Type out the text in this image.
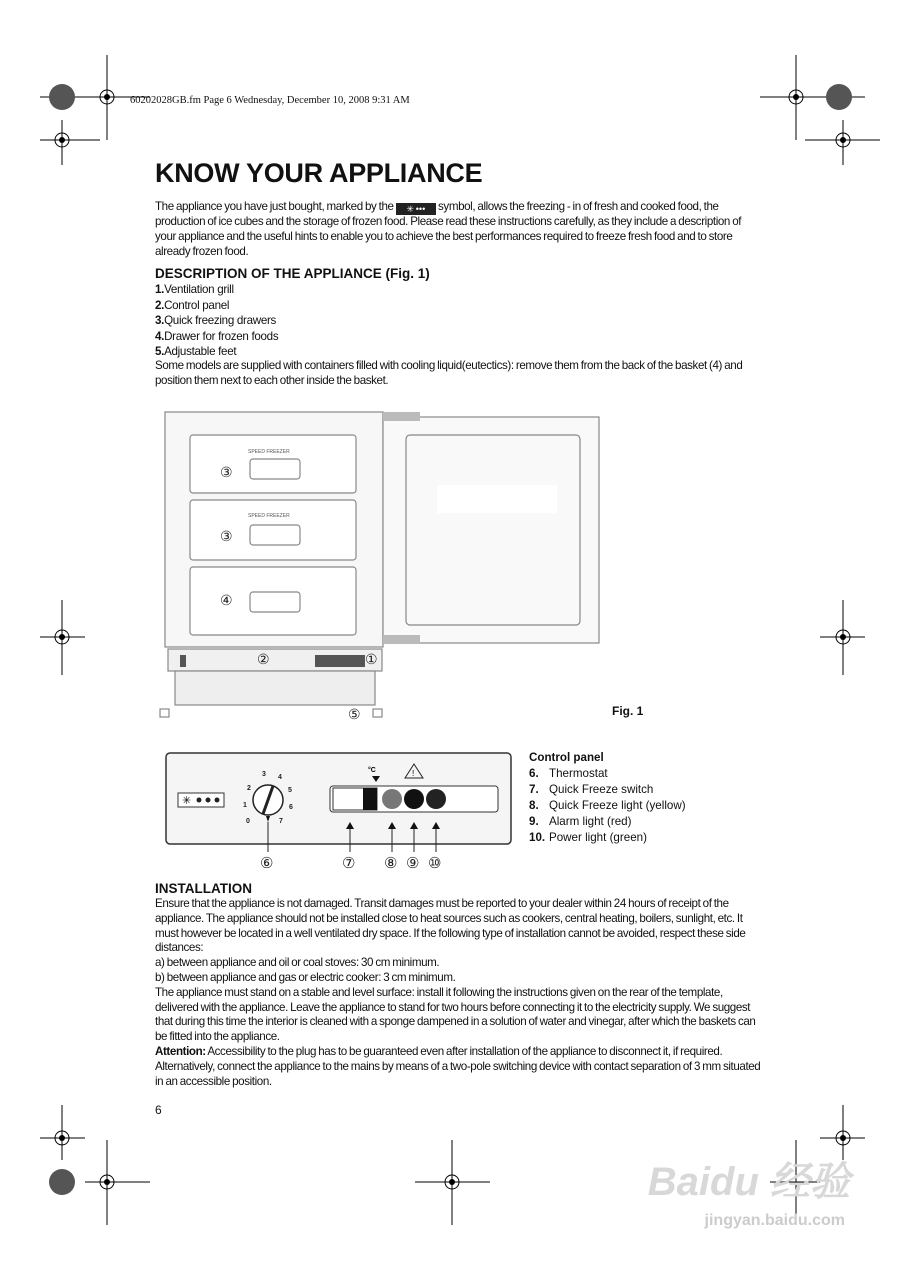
60202028GB.fm Page 6 Wednesday, December 10, 2008 9:31 AM
KNOW YOUR APPLIANCE
The appliance you have just bought, marked by the ✳ ••• symbol, allows the freezing - in of fresh and cooked food, the production of ice cubes and the storage of frozen food. Please read these instructions carefully, as they include a description of your appliance and the useful hints to enable you to achieve the best performances required to freeze fresh food and to store already frozen food.
DESCRIPTION OF THE APPLIANCE (Fig. 1)
1.Ventilation grill
2.Control panel
3.Quick freezing drawers
4.Drawer for frozen foods
5.Adjustable feet
Some models are supplied with containers filled with cooling liquid(eutectics): remove them from the back of the basket (4) and position them next to each other inside the basket.
SPEED FREEZER
SPEED FREEZER
③
③
④
②	①
⑤	Fig. 1
✳
0
1
2
3 4
5
6
7
°C	!
⑥	⑦ ⑧ ⑨ ⑩
Control panel
6. Thermostat
7. Quick Freeze switch
8. Quick Freeze light (yellow)
9. Alarm light (red)
10. Power light (green)
INSTALLATION
Ensure that the appliance is not damaged. Transit damages must be reported to your dealer within 24 hours of receipt of the appliance. The appliance should not be installed close to heat sources such as cookers, central heating, boilers, sunlight, etc. It must however be located in a well ventilated dry space. If the following type of installation cannot be avoided, respect these side distances:
a) between appliance and oil or coal stoves: 30 cm minimum.
b) between appliance and gas or electric cooker: 3 cm minimum.
The appliance must stand on a stable and level surface: install it following the instructions given on the rear of the template, delivered with the appliance. Leave the appliance to stand for two hours before connecting it to the electricity supply. We suggest that during this time the interior is cleaned with a sponge dampened in a solution of water and vinegar, after which the baskets can be fitted into the appliance.
Attention: Accessibility to the plug has to be guaranteed even after installation of the appliance to disconnect it, if required. Alternatively, connect the appliance to the mains by means of a two-pole switching device with contact separation of 3 mm situated in an accessible position.
6
Baidu 经验
jingyan.baidu.com
